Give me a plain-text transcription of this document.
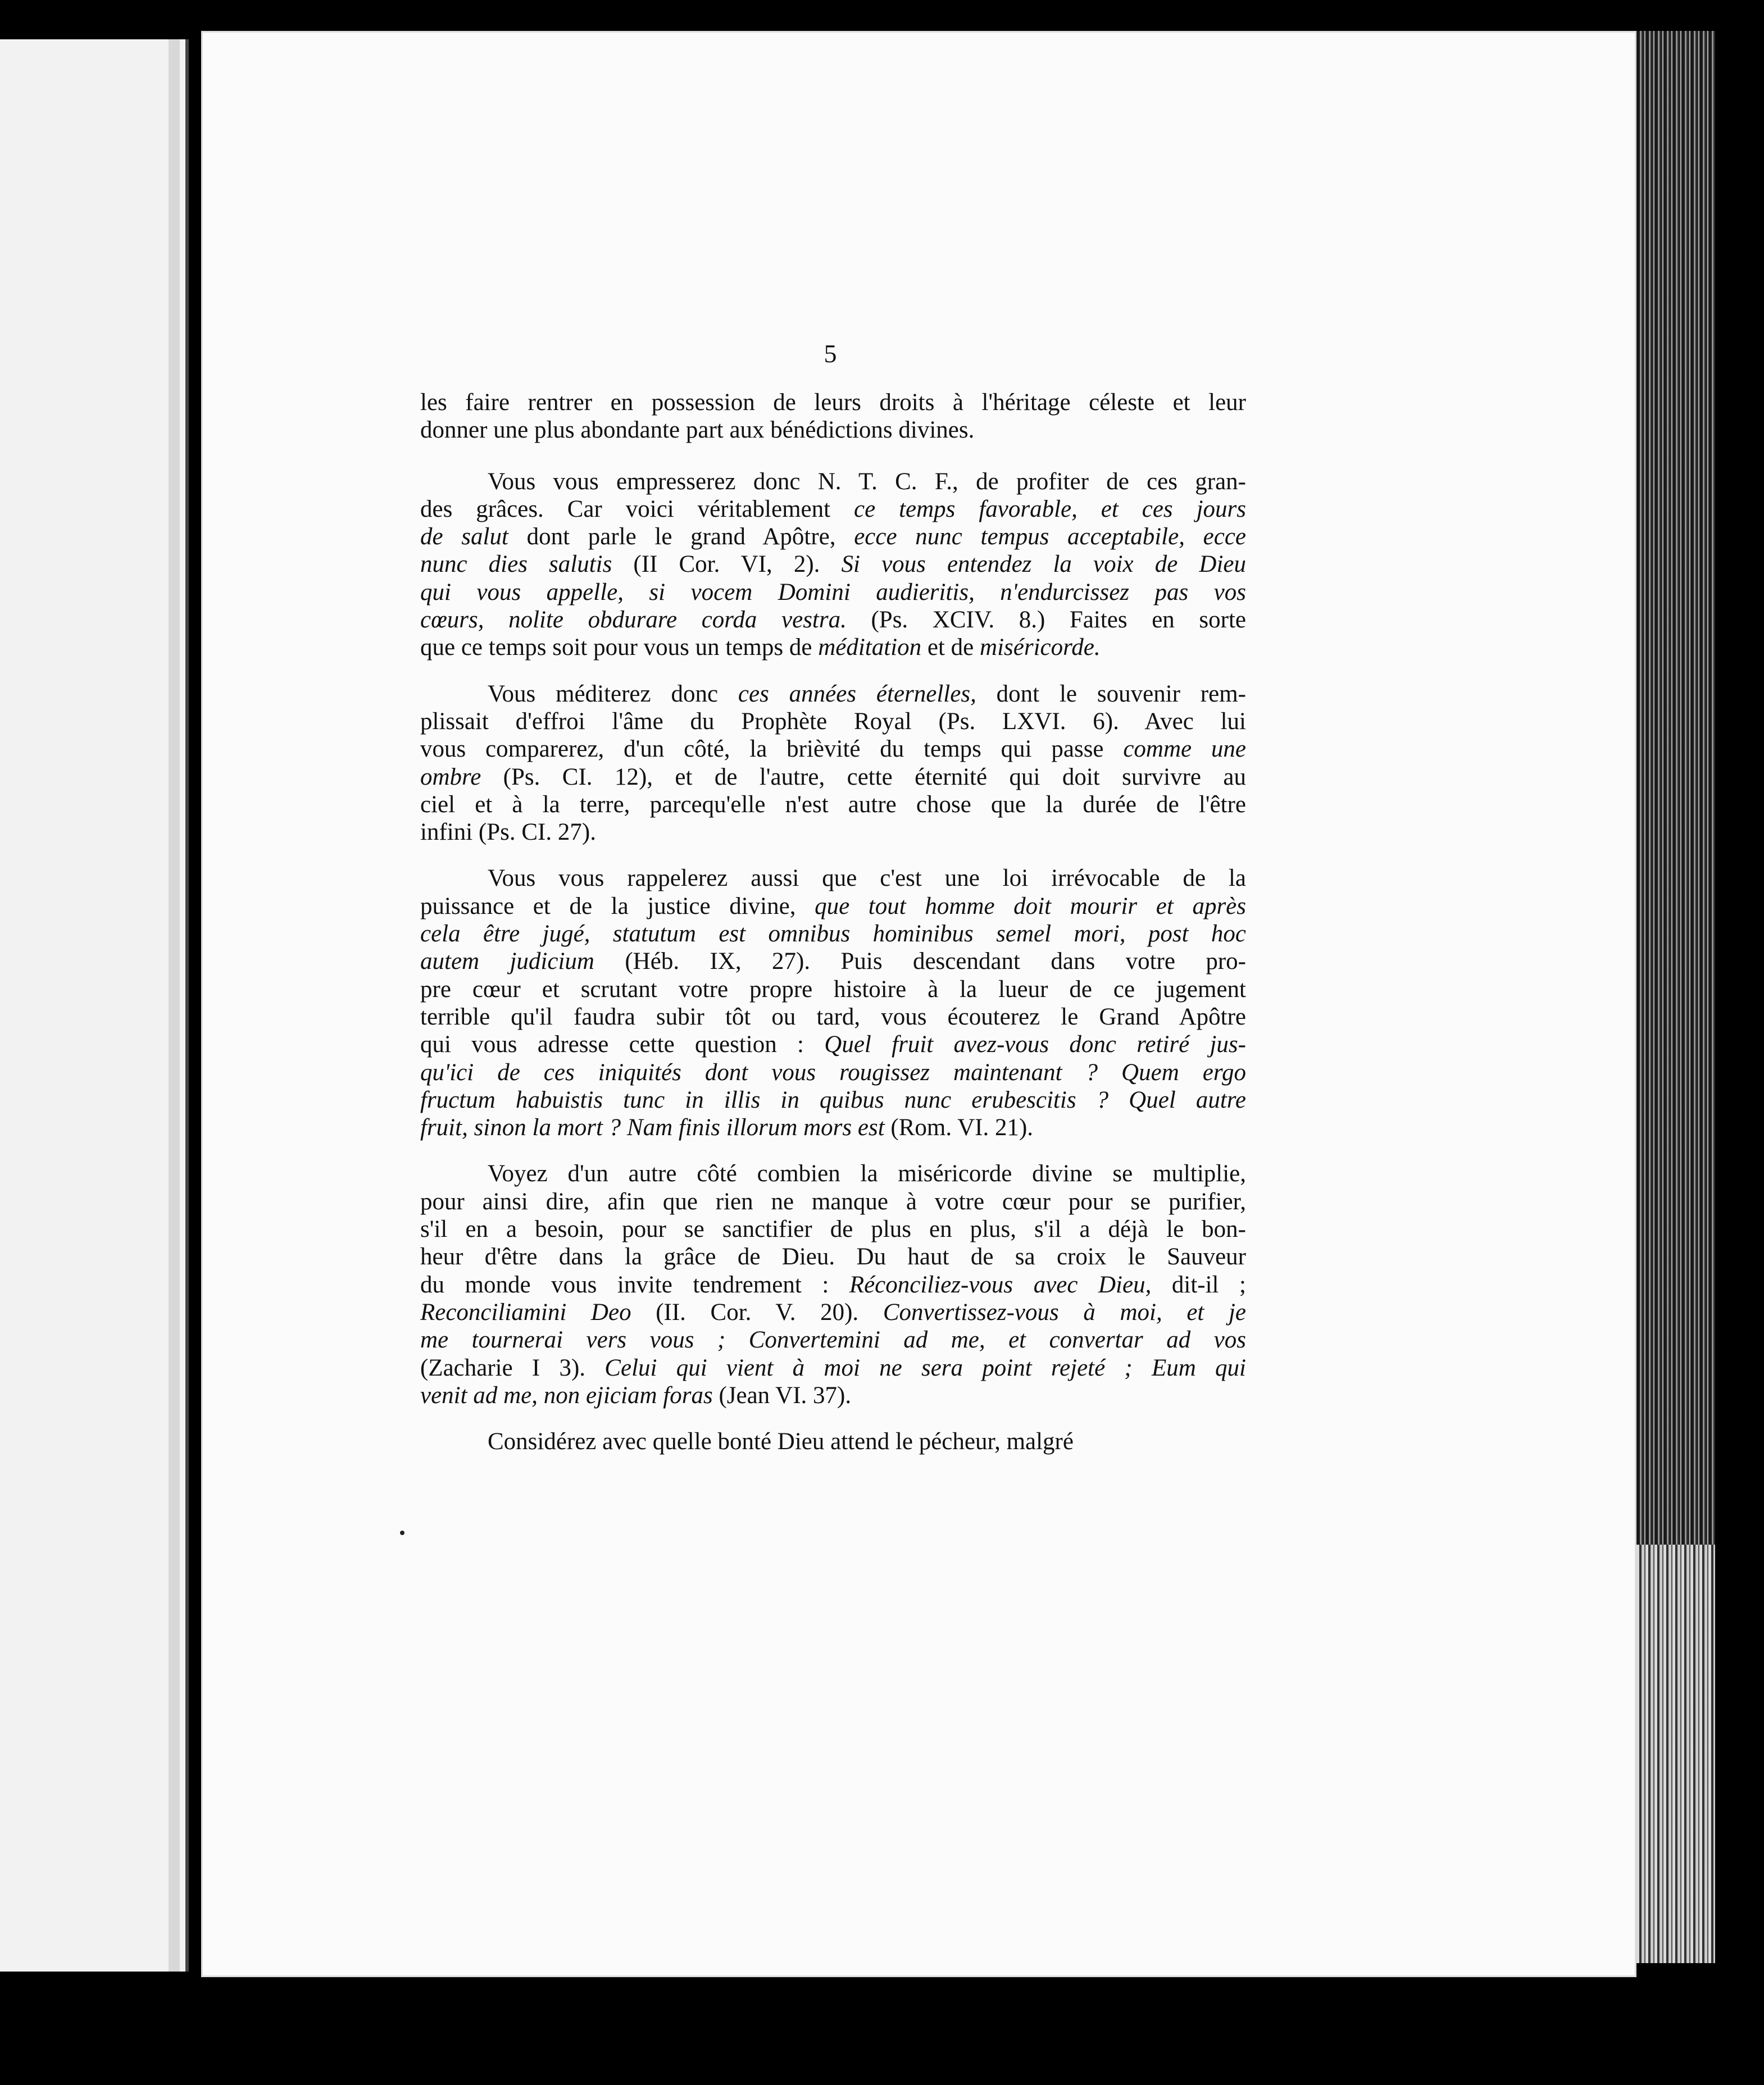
5
les faire rentrer en possession de leurs droits à l'héritage céleste et leur
donner une plus abondante part aux bénédictions divines.
Vous vous empresserez donc N. T. C. F., de profiter de ces gran-
des grâces. Car voici véritablement ce temps favorable, et ces jours
de salut dont parle le grand Apôtre, ecce nunc tempus acceptabile, ecce
nunc dies salutis (II Cor. VI, 2). Si vous entendez la voix de Dieu
qui vous appelle, si vocem Domini audieritis, n'endurcissez pas vos
cœurs, nolite obdurare corda vestra. (Ps. XCIV. 8.) Faites en sorte
que ce temps soit pour vous un temps de méditation et de miséricorde.
Vous méditerez donc ces années éternelles, dont le souvenir rem-
plissait d'effroi l'âme du Prophète Royal (Ps. LXVI. 6). Avec lui
vous comparerez, d'un côté, la brièvité du temps qui passe comme une
ombre (Ps. CI. 12), et de l'autre, cette éternité qui doit survivre au
ciel et à la terre, parcequ'elle n'est autre chose que la durée de l'être
infini (Ps. CI. 27).
Vous vous rappelerez aussi que c'est une loi irrévocable de la
puissance et de la justice divine, que tout homme doit mourir et après
cela être jugé, statutum est omnibus hominibus semel mori, post hoc
autem judicium (Héb. IX, 27). Puis descendant dans votre pro-
pre cœur et scrutant votre propre histoire à la lueur de ce jugement
terrible qu'il faudra subir tôt ou tard, vous écouterez le Grand Apôtre
qui vous adresse cette question : Quel fruit avez-vous donc retiré jus-
qu'ici de ces iniquités dont vous rougissez maintenant ? Quem ergo
fructum habuistis tunc in illis in quibus nunc erubescitis ? Quel autre
fruit, sinon la mort ? Nam finis illorum mors est (Rom. VI. 21).
Voyez d'un autre côté combien la miséricorde divine se multiplie,
pour ainsi dire, afin que rien ne manque à votre cœur pour se purifier,
s'il en a besoin, pour se sanctifier de plus en plus, s'il a déjà le bon-
heur d'être dans la grâce de Dieu. Du haut de sa croix le Sauveur
du monde vous invite tendrement : Réconciliez-vous avec Dieu, dit-il ;
Reconciliamini Deo (II. Cor. V. 20). Convertissez-vous à moi, et je
me tournerai vers vous ; Convertemini ad me, et convertar ad vos
(Zacharie I 3). Celui qui vient à moi ne sera point rejeté ; Eum qui
venit ad me, non ejiciam foras (Jean VI. 37).
Considérez avec quelle bonté Dieu attend le pécheur, malgré
